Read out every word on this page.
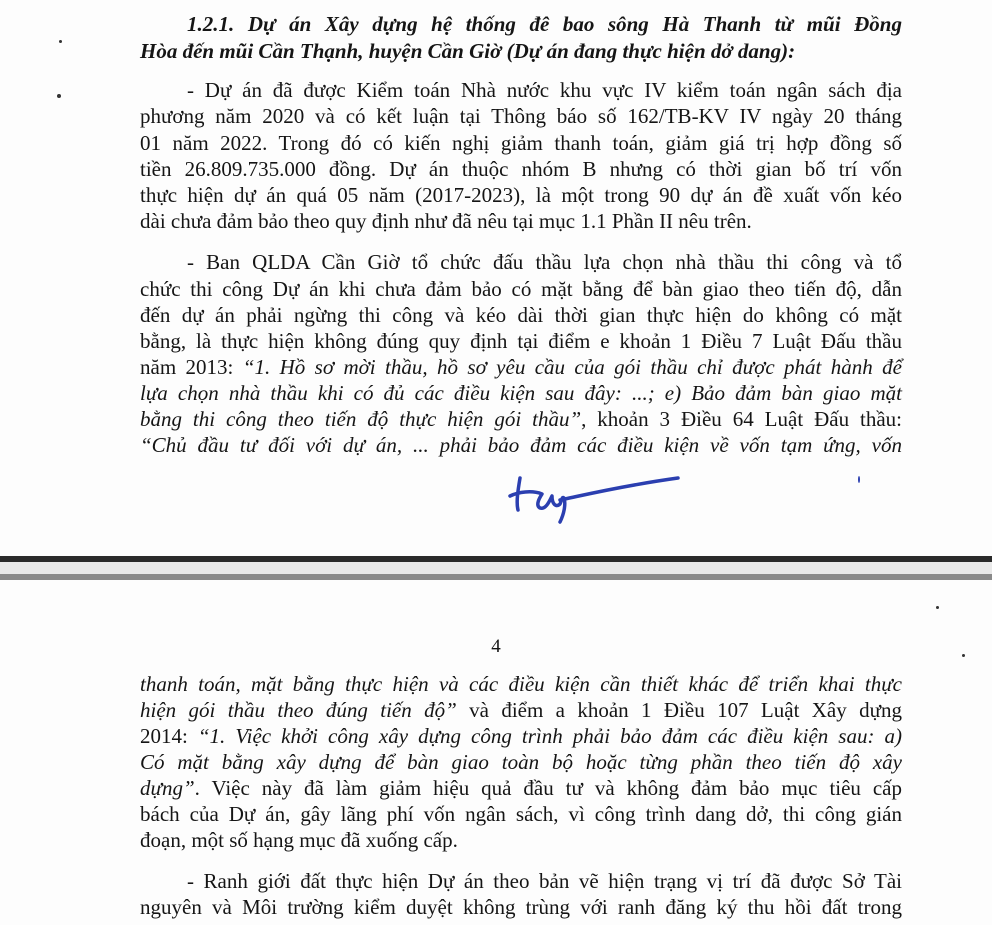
1.2.1. Dự án Xây dựng hệ thống đê bao sông Hà Thanh từ mũi Đồng

Hòa đến mũi Cần Thạnh, huyện Cần Giờ (Dự án đang thực hiện dở dang):

- Dự án đã được Kiểm toán Nhà nước khu vực IV kiểm toán ngân sách địa

phương năm 2020 và có kết luận tại Thông báo số 162/TB-KV IV ngày 20 tháng

01 năm 2022. Trong đó có kiến nghị giảm thanh toán, giảm giá trị hợp đồng số

tiền 26.809.735.000 đồng. Dự án thuộc nhóm B nhưng có thời gian bố trí vốn

thực hiện dự án quá 05 năm (2017-2023), là một trong 90 dự án đề xuất vốn kéo

dài chưa đảm bảo theo quy định như đã nêu tại mục 1.1 Phần II nêu trên.

- Ban QLDA Cần Giờ tổ chức đấu thầu lựa chọn nhà thầu thi công và tổ

chức thi công Dự án khi chưa đảm bảo có mặt bằng để bàn giao theo tiến độ, dẫn

đến dự án phải ngừng thi công và kéo dài thời gian thực hiện do không có mặt

bằng, là thực hiện không đúng quy định tại điểm e khoản 1 Điều 7 Luật Đấu thầu

năm 2013: “1. Hồ sơ mời thầu, hồ sơ yêu cầu của gói thầu chỉ được phát hành để

lựa chọn nhà thầu khi có đủ các điều kiện sau đây: ...; e) Bảo đảm bàn giao mặt

bằng thi công theo tiến độ thực hiện gói thầu”, khoản 3 Điều 64 Luật Đấu thầu:

“Chủ đầu tư đối với dự án, ... phải bảo đảm các điều kiện về vốn tạm ứng, vốn

4

thanh toán, mặt bằng thực hiện và các điều kiện cần thiết khác để triển khai thực

hiện gói thầu theo đúng tiến độ” và điểm a khoản 1 Điều 107 Luật Xây dựng

2014: “1. Việc khởi công xây dựng công trình phải bảo đảm các điều kiện sau: a)

Có mặt bằng xây dựng để bàn giao toàn bộ hoặc từng phần theo tiến độ xây

dựng”. Việc này đã làm giảm hiệu quả đầu tư và không đảm bảo mục tiêu cấp

bách của Dự án, gây lãng phí vốn ngân sách, vì công trình dang dở, thi công gián

đoạn, một số hạng mục đã xuống cấp.

- Ranh giới đất thực hiện Dự án theo bản vẽ hiện trạng vị trí đã được Sở Tài

nguyên và Môi trường kiểm duyệt không trùng với ranh đăng ký thu hồi đất trong
